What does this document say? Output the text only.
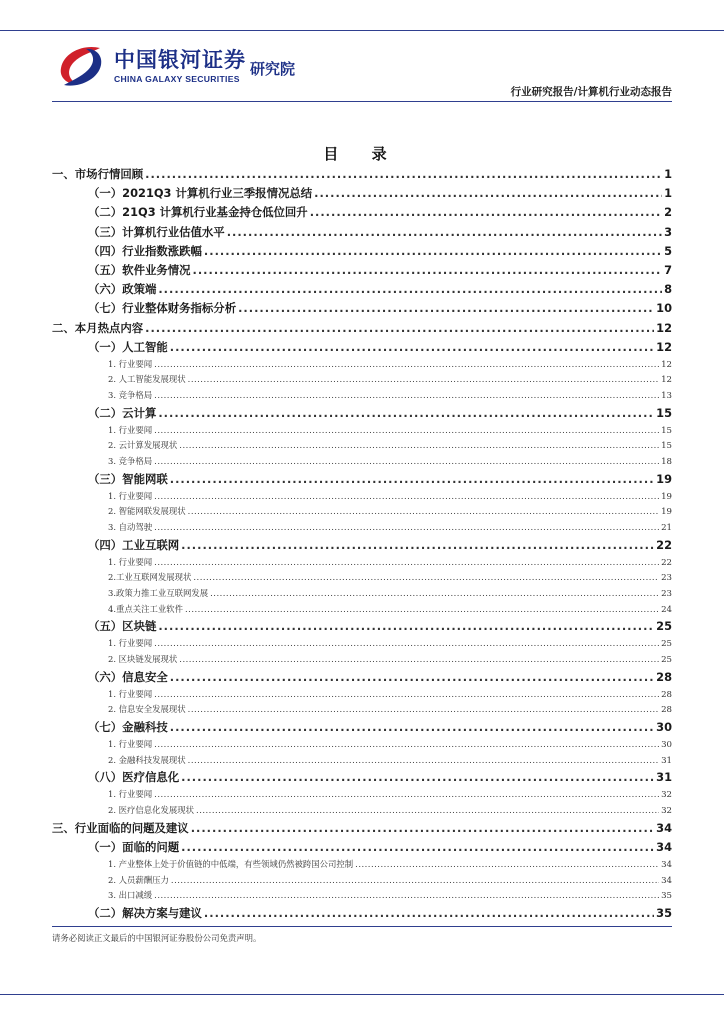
中国银河证券
CHINA GALAXY SECURITIES
研究院
行业研究报告/计算机行业动态报告
目 录
一、市场行情回顾 .....	1
（一）2021Q3 计算机行业三季报情况总结 .....	1
（二）21Q3 计算机行业基金持仓低位回升 .....	2
（三）计算机行业估值水平 .....	3
（四）行业指数涨跌幅 .....	5
（五）软件业务情况 .....	7
（六）政策端 .....	8
（七）行业整体财务指标分析 .....	10
二、本月热点内容 .....	12
（一）人工智能 .....	12
1. 行业要闻 .....	12
2. 人工智能发展现状 .....	12
3. 竞争格局 .....	13
（二）云计算 .....	15
1. 行业要闻 .....	15
2. 云计算发展现状 .....	15
3. 竞争格局 .....	18
（三）智能网联 .....	19
1. 行业要闻 .....	19
2. 智能网联发展现状 .....	19
3. 自动驾驶 .....	21
（四）工业互联网 .....	22
1. 行业要闻 .....	22
2.工业互联网发展现状 .....	23
3.政策力推工业互联网发展 .....	23
4.重点关注工业软件 .....	24
（五）区块链 .....	25
1. 行业要闻 .....	25
2. 区块链发展现状 .....	25
（六）信息安全 .....	28
1. 行业要闻 .....	28
2. 信息安全发展现状 .....	28
（七）金融科技 .....	30
1. 行业要闻 .....	30
2. 金融科技发展现状 .....	31
（八）医疗信息化 .....	31
1. 行业要闻 .....	32
2. 医疗信息化发展现状 .....	32
三、行业面临的问题及建议 .....	34
（一）面临的问题 .....	34
1. 产业整体上处于价值链的中低端，有些领域仍然被跨国公司控制 .....	34
2. 人员薪酬压力 .....	34
3. 出口减缓 .....	35
（二）解决方案与建议 .....	35
请务必阅读正文最后的中国银河证券股份公司免责声明。
